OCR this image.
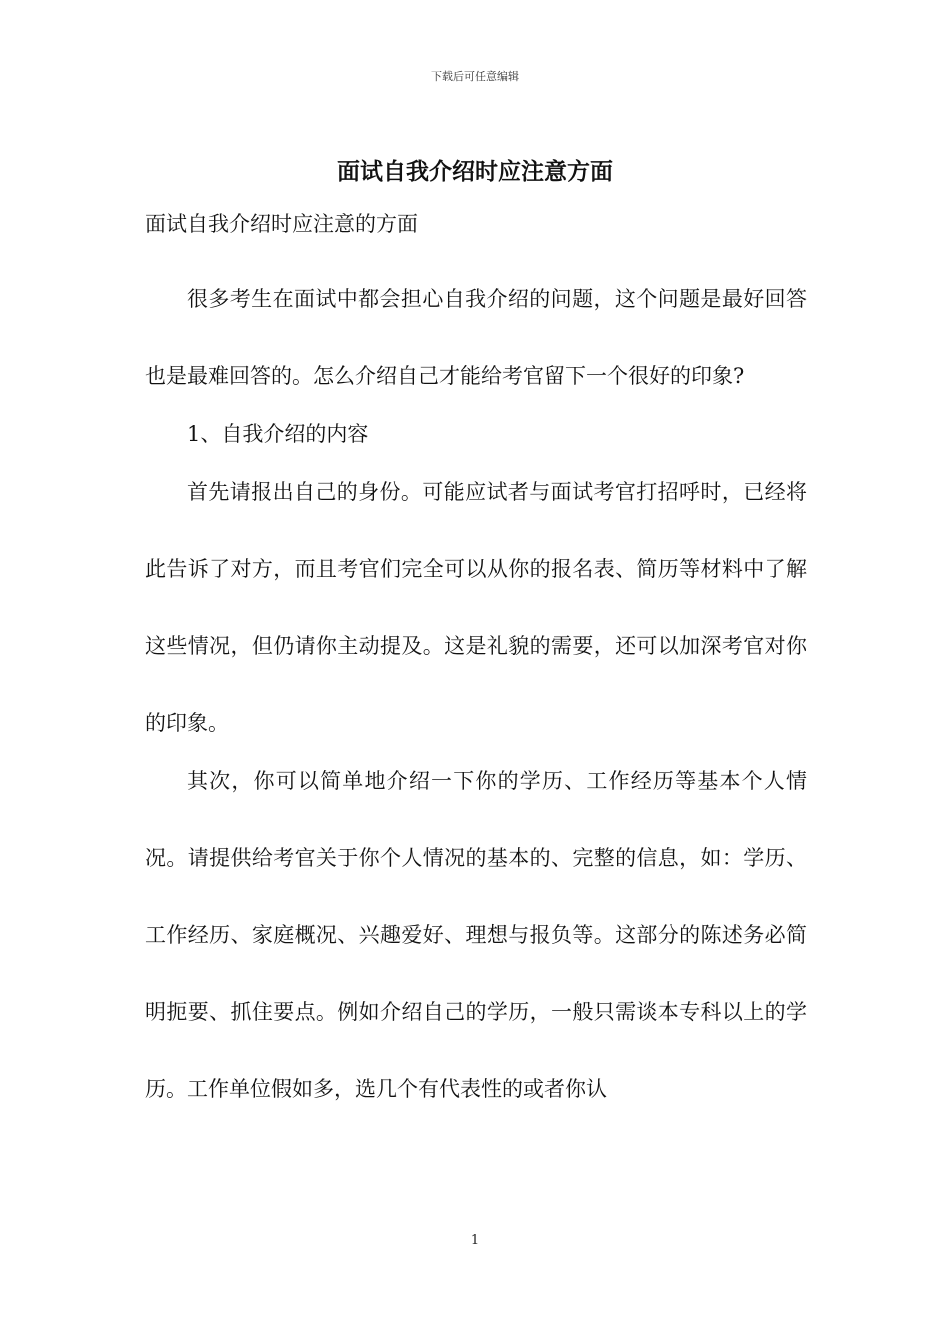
下载后可任意编辑
面试自我介绍时应注意方面

面试自我介绍时应注意的方面

很多考生在面试中都会担心自我介绍的问题，这个问题是最好回答也是最难回答的。怎么介绍自己才能给考官留下一个很好的印象?

1、自我介绍的内容

首先请报出自己的身份。可能应试者与面试考官打招呼时，已经将此告诉了对方，而且考官们完全可以从你的报名表、简历等材料中了解这些情况，但仍请你主动提及。这是礼貌的需要，还可以加深考官对你的印象。

其次，你可以简单地介绍一下你的学历、工作经历等基本个人情况。请提供给考官关于你个人情况的基本的、完整的信息，如：学历、工作经历、家庭概况、兴趣爱好、理想与报负等。这部分的陈述务必简明扼要、抓住要点。例如介绍自己的学历，一般只需谈本专科以上的学历。工作单位假如多，选几个有代表性的或者你认

1
